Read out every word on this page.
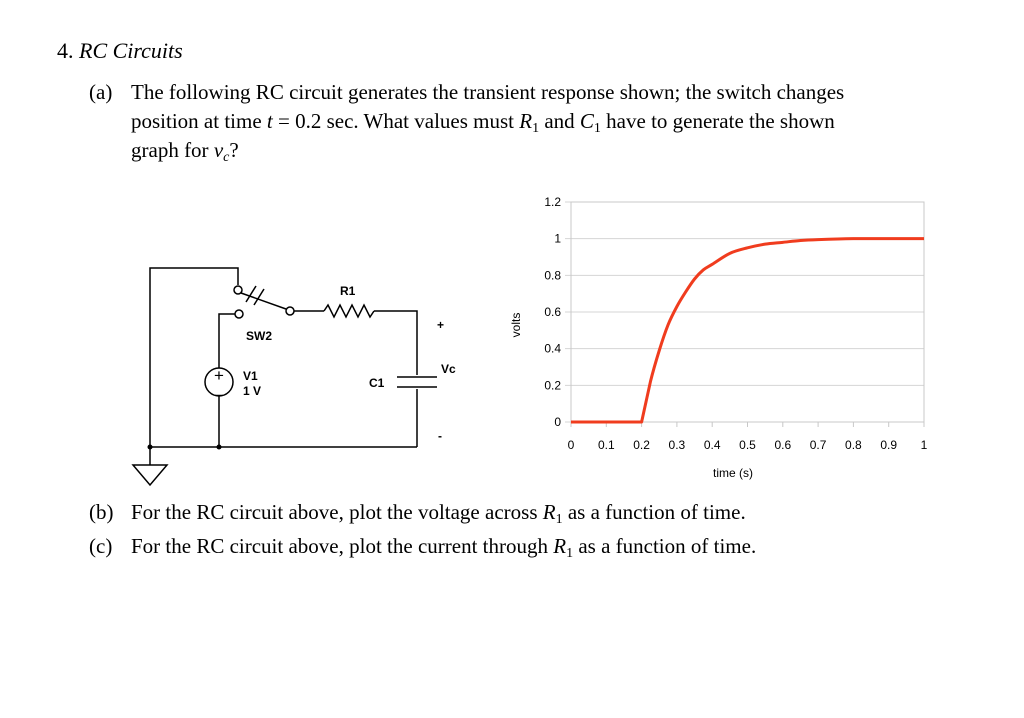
4. RC Circuits
(a) The following RC circuit generates the transient response shown; the switch changes
position at time t = 0.2 sec. What values must $R_1$ and $C_1$ have to generate the shown
graph for $v_c$?
+
—
SW2
R1
V1
1 V
C1
Vc
+
-
0
0.2
0.4
0.6
0.8
1
1.2
0 0.1 0.2 0.3 0.4 0.5 0.6 0.7 0.8 0.9 1
volts
time (s)
(b) For the RC circuit above, plot the voltage across $R_1$ as a function of time.
(c) For the RC circuit above, plot the current through $R_1$ as a function of time.
